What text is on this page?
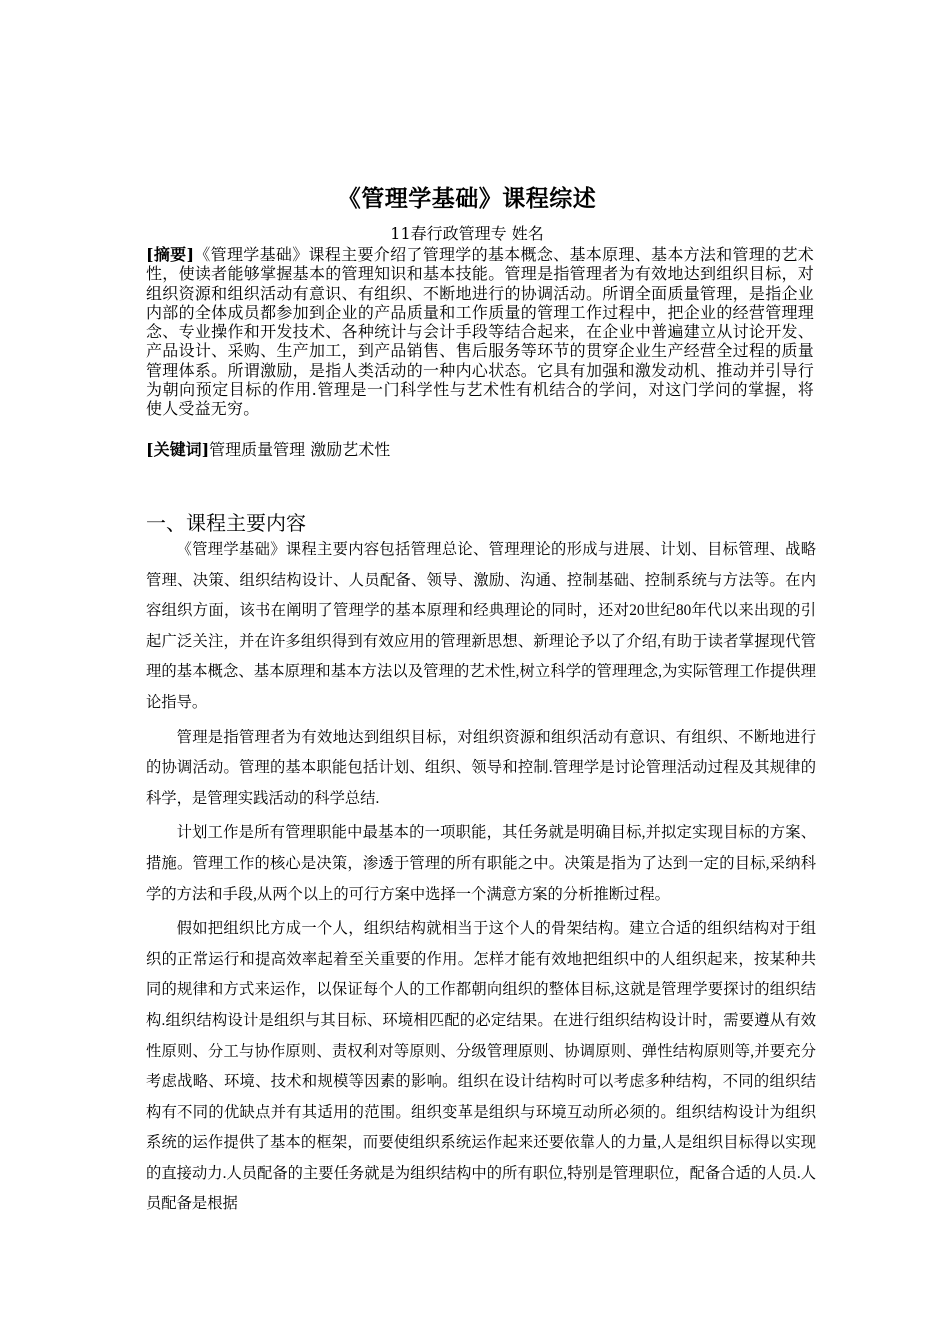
《管理学基础》课程综述
11春行政管理专 姓名
[摘要]《管理学基础》课程主要介绍了管理学的基本概念、基本原理、基本方法和管理的艺术性，使读者能够掌握基本的管理知识和基本技能。管理是指管理者为有效地达到组织目标，对组织资源和组织活动有意识、有组织、不断地进行的协调活动。所谓全面质量管理，是指企业内部的全体成员都参加到企业的产品质量和工作质量的管理工作过程中，把企业的经营管理理念、专业操作和开发技术、各种统计与会计手段等结合起来，在企业中普遍建立从讨论开发、产品设计、采购、生产加工，到产品销售、售后服务等环节的贯穿企业生产经营全过程的质量管理体系。所谓激励，是指人类活动的一种内心状态。它具有加强和激发动机、推动并引导行为朝向预定目标的作用.管理是一门科学性与艺术性有机结合的学问，对这门学问的掌握，将使人受益无穷。
[关键词]管理质量管理 激励艺术性
一、课程主要内容

《管理学基础》课程主要内容包括管理总论、管理理论的形成与进展、计划、目标管理、战略管理、决策、组织结构设计、人员配备、领导、激励、沟通、控制基础、控制系统与方法等。在内容组织方面，该书在阐明了管理学的基本原理和经典理论的同时，还对20世纪80年代以来出现的引起广泛关注，并在许多组织得到有效应用的管理新思想、新理论予以了介绍,有助于读者掌握现代管理的基本概念、基本原理和基本方法以及管理的艺术性,树立科学的管理理念,为实际管理工作提供理论指导。

管理是指管理者为有效地达到组织目标，对组织资源和组织活动有意识、有组织、不断地进行的协调活动。管理的基本职能包括计划、组织、领导和控制.管理学是讨论管理活动过程及其规律的科学，是管理实践活动的科学总结.

计划工作是所有管理职能中最基本的一项职能，其任务就是明确目标,并拟定实现目标的方案、措施。管理工作的核心是决策，渗透于管理的所有职能之中。决策是指为了达到一定的目标,采纳科学的方法和手段,从两个以上的可行方案中选择一个满意方案的分析推断过程。

假如把组织比方成一个人，组织结构就相当于这个人的骨架结构。建立合适的组织结构对于组织的正常运行和提高效率起着至关重要的作用。怎样才能有效地把组织中的人组织起来，按某种共同的规律和方式来运作，以保证每个人的工作都朝向组织的整体目标,这就是管理学要探讨的组织结构.组织结构设计是组织与其目标、环境相匹配的必定结果。在进行组织结构设计时，需要遵从有效性原则、分工与协作原则、责权利对等原则、分级管理原则、协调原则、弹性结构原则等,并要充分考虑战略、环境、技术和规模等因素的影响。组织在设计结构时可以考虑多种结构，不同的组织结构有不同的优缺点并有其适用的范围。组织变革是组织与环境互动所必须的。组织结构设计为组织系统的运作提供了基本的框架，而要使组织系统运作起来还要依靠人的力量,人是组织目标得以实现的直接动力.人员配备的主要任务就是为组织结构中的所有职位,特别是管理职位，配备合适的人员.人员配备是根据
